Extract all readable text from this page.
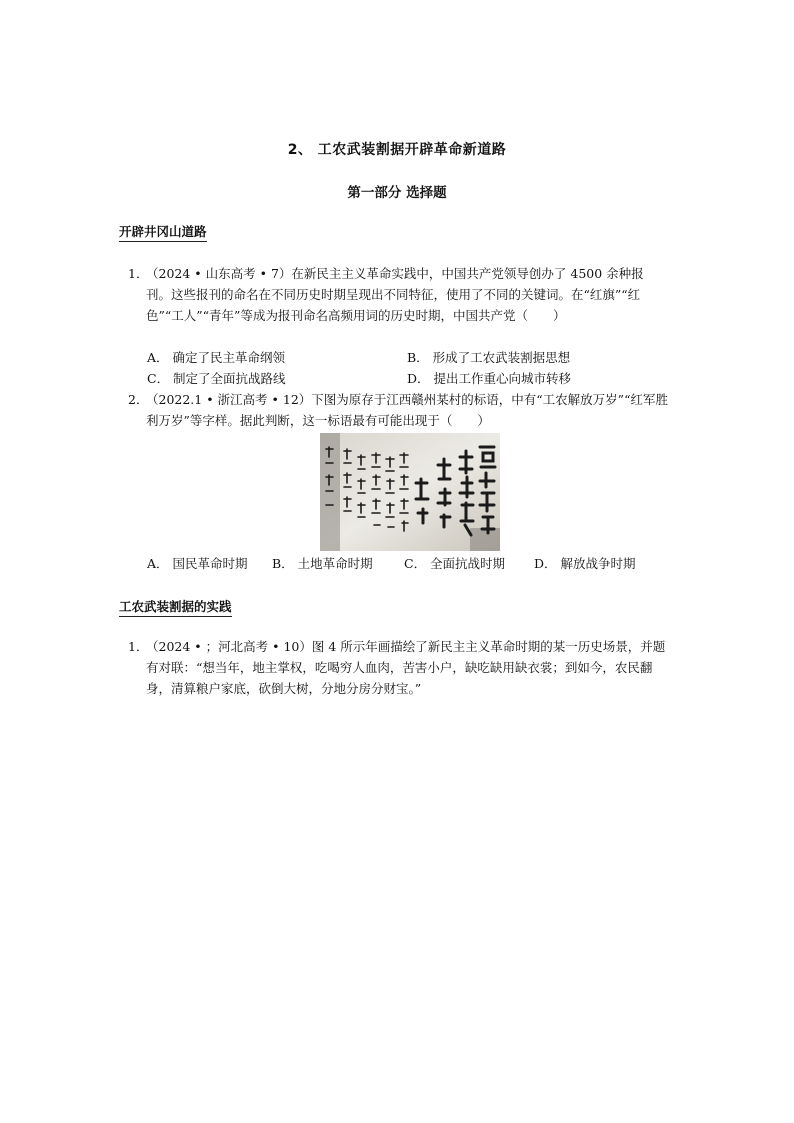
2、 工农武装割据开辟革命新道路
第一部分 选择题
开辟井冈山道路
1．
（2024 • 山东高考 • 7）在新民主主义革命实践中，中国共产党领导创办了 4500 余种报刊。这些报刊的命名在不同历史时期呈现出不同特征，使用了不同的关键词。在“红旗”“红色”“工人”“青年”等成为报刊命名高频用词的历史时期，中国共产党（　　）
A． 确定了民主革命纲领	B． 形成了工农武装割据思想
C． 制定了全面抗战路线	D． 提出工作重心向城市转移
2．
（2022.1 • 浙江高考 • 12）下图为原存于江西赣州某村的标语，中有“工农解放万岁”“红军胜利万岁”等字样。据此判断，这一标语最有可能出现于（　　）
A． 国民革命时期 B． 土地革命时期	C． 全面抗战时期 D． 解放战争时期
工农武装割据的实践
1．
（2024 • ；河北高考 • 10）图 4 所示年画描绘了新民主主义革命时期的某一历史场景，并题有对联：“想当年，地主掌权，吃喝穷人血肉，苦害小户，缺吃缺用缺衣裳；到如今，农民翻身，清算粮户家底，砍倒大树，分地分房分财宝。”
